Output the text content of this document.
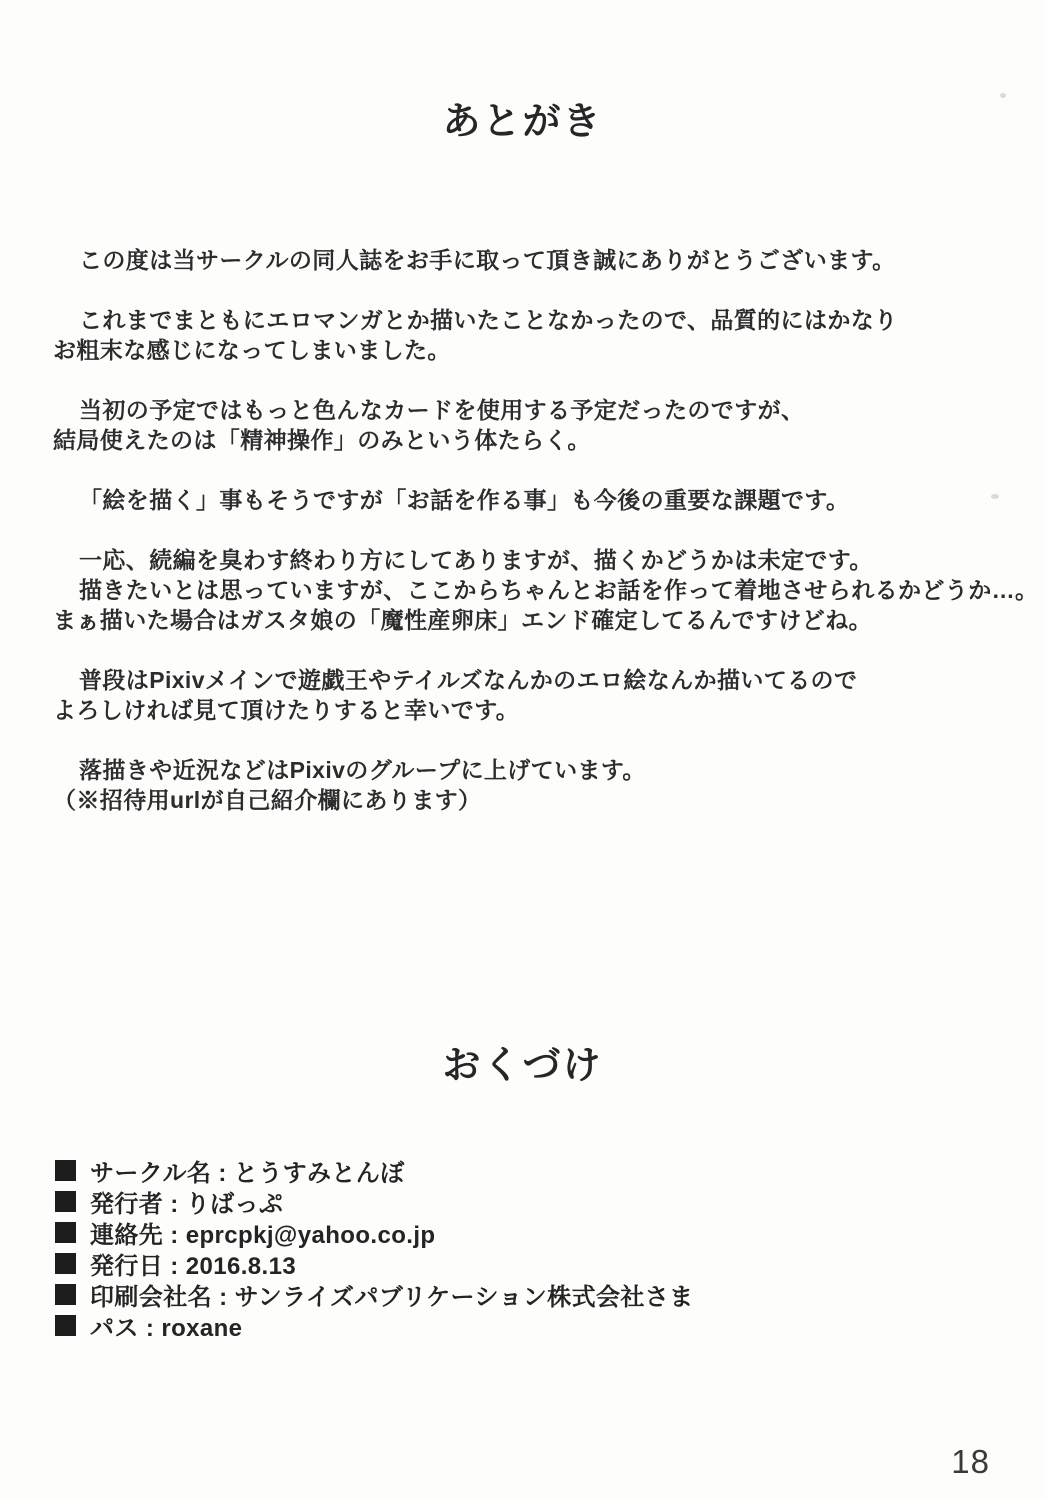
あとがき
この度は当サークルの同人誌をお手に取って頂き誠にありがとうございます。
これまでまともにエロマンガとか描いたことなかったので、品質的にはかなり
お粗末な感じになってしまいました。
当初の予定ではもっと色んなカードを使用する予定だったのですが、
結局使えたのは「精神操作」のみという体たらく。
「絵を描く」事もそうですが「お話を作る事」も今後の重要な課題です。
一応、続編を臭わす終わり方にしてありますが、描くかどうかは未定です。
描きたいとは思っていますが、ここからちゃんとお話を作って着地させられるかどうか…。
まぁ描いた場合はガスタ娘の「魔性産卵床」エンド確定してるんですけどね。
普段はPixivメインで遊戯王やテイルズなんかのエロ絵なんか描いてるので
よろしければ見て頂けたりすると幸いです。
落描きや近況などはPixivのグループに上げています。
（※招待用urlが自己紹介欄にあります）
おくづけ
サークル名 : とうすみとんぼ
発行者 : りばっぷ
連絡先 : eprcpkj@yahoo.co.jp
発行日 : 2016.8.13
印刷会社名 : サンライズパブリケーション株式会社さま
パス : roxane
18
